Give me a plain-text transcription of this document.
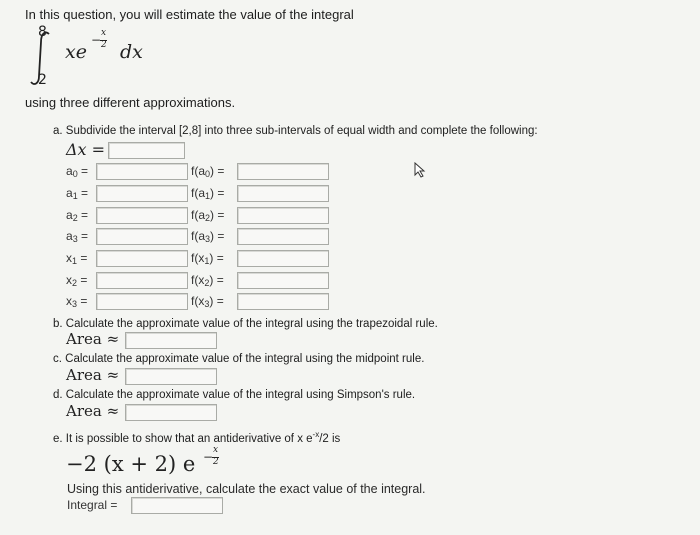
In this question, you will estimate the value of the integral
8
2
xe
− x
2 dx
using three different approximations.
a. Subdivide the interval [2,8] into three sub-intervals of equal width and complete the following:
Δx =
a0 =
a1 =
a2 =
a3 =
x1 =
x2 =
x3 =
f(a0) =
f(a1) =
f(a2) =
f(a3) =
f(x1) =
f(x2) =
f(x3) =
b. Calculate the approximate value of the integral using the trapezoidal rule.
Area ≈
c. Calculate the approximate value of the integral using the midpoint rule.
Area ≈
d. Calculate the approximate value of the integral using Simpson's rule.
Area ≈
e. It is possible to show that an antiderivative of x $e^{-x}/2$ is
−2 (x + 2) e − x
2
Using this antiderivative, calculate the exact value of the integral.
Integral =
